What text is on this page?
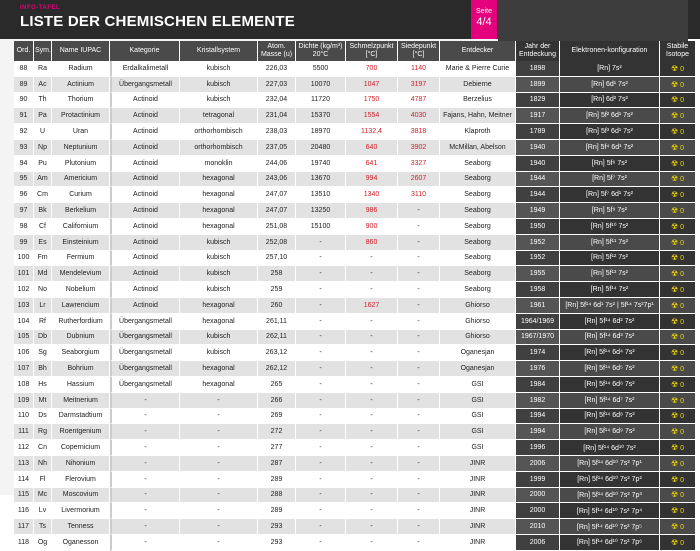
INFO-TAFEL
LISTE DER CHEMISCHEN ELEMENTE
Seite
4/4
Ord.	Sym.	Name IUPAC	Kategorie	Kristallsystem	Atom. Masse (u)	Dichte (kg/m³) 20°C	Schmelzpunkt [°C]	Siedepunkt [°C]	Entdecker	Jahr der Entdeckung	Elektronen-konfiguration	Stabile Isotope
88	Ra	Radium	Erdalkalimetall	kubisch	226,03	5500	700	1140	Marie & Pierre Curie	1898	[Rn] 7s²	☢ 0
89	Ac	Actinium	Übergangsmetall	kubisch	227,03	10070	1047	3197	Debierne	1899	[Rn] 6d¹ 7s²	☢ 0
90	Th	Thorium	Actinoid	kubisch	232,04	11720	1750	4787	Berzelius	1829	[Rn] 6d² 7s²	☢ 0
91	Pa	Protactinium	Actinoid	tetragonal	231,04	15370	1554	4030	Fajans, Hahn, Meitner	1917	[Rn] 5f² 6d¹ 7s²	☢ 0
92	U	Uran	Actinoid	orthorhombisch	238,03	18970	1132,4	3818	Klaproth	1789	[Rn] 5f³ 6d¹ 7s²	☢ 0
93	Np	Neptunium	Actinoid	orthorhombisch	237,05	20480	640	3902	McMillan, Abelson	1940	[Rn] 5f⁴ 6d¹ 7s²	☢ 0
94	Pu	Plutonium	Actinoid	monoklin	244,06	19740	641	3327	Seaborg	1940	[Rn] 5f⁶ 7s²	☢ 0
95	Am	Americium	Actinoid	hexagonal	243,06	13670	994	2607	Seaborg	1944	[Rn] 5f⁷ 7s²	☢ 0
96	Cm	Curium	Actinoid	hexagonal	247,07	13510	1340	3110	Seaborg	1944	[Rn] 5f⁷ 6d¹ 7s²	☢ 0
97	Bk	Berkelium	Actinoid	hexagonal	247,07	13250	986	-	Seaborg	1949	[Rn] 5f⁹ 7s²	☢ 0
98	Cf	Californium	Actinoid	hexagonal	251,08	15100	900	-	Seaborg	1950	[Rn] 5f¹⁰ 7s²	☢ 0
99	Es	Einsteinium	Actinoid	kubisch	252,08	-	860	-	Seaborg	1952	[Rn] 5f¹¹ 7s²	☢ 0
100	Fm	Fermium	Actinoid	kubisch	257,10	-	-	-	Seaborg	1952	[Rn] 5f¹² 7s²	☢ 0
101	Md	Mendelevium	Actinoid	kubisch	258	-	-	-	Seaborg	1955	[Rn] 5f¹³ 7s²	☢ 0
102	No	Nobelium	Actinoid	kubisch	259	-	-	-	Seaborg	1958	[Rn] 5f¹⁴ 7s²	☢ 0
103	Lr	Lawrencium	Actinoid	hexagonal	260	-	1627	-	Ghiorso	1961	[Rn] 5f¹⁴ 6d¹ 7s² | 5f¹⁴ 7s²7p¹	☢ 0
104	Rf	Rutherfordium	Übergangsmetall	hexagonal	261,11	-	-	-	Ghiorso	1964/1969	[Rn] 5f¹⁴ 6d² 7s²	☢ 0
105	Db	Dubnium	Übergangsmetall	kubisch	262,11	-	-	-	Ghiorso	1967/1970	[Rn] 5f¹⁴ 6d³ 7s²	☢ 0
106	Sg	Seaborgium	Übergangsmetall	kubisch	263,12	-	-	-	Oganesjan	1974	[Rn] 5f¹⁴ 6d⁴ 7s²	☢ 0
107	Bh	Bohrium	Übergangsmetall	hexagonal	262,12	-	-	-	Oganesjan	1976	[Rn] 5f¹⁴ 6d⁵ 7s²	☢ 0
108	Hs	Hassium	Übergangsmetall	hexagonal	265	-	-	-	GSI	1984	[Rn] 5f¹⁴ 6d⁶ 7s²	☢ 0
109	Mt	Meitnerium	-	-	266	-	-	-	GSI	1982	[Rn] 5f¹⁴ 6d⁷ 7s²	☢ 0
110	Ds	Darmstadtium	-	-	269	-	-	-	GSI	1994	[Rn] 5f¹⁴ 6d⁸ 7s²	☢ 0
111	Rg	Roentgenium	-	-	272	-	-	-	GSI	1994	[Rn] 5f¹⁴ 6d⁹ 7s²	☢ 0
112	Cn	Copernicium	-	-	277	-	-	-	GSI	1996	[Rn] 5f¹⁴ 6d¹⁰ 7s²	☢ 0
113	Nh	Nihonium	-	-	287	-	-	-	JINR	2006	[Rn] 5f¹⁴ 6d¹⁰ 7s² 7p¹	☢ 0
114	Fl	Flerovium	-	-	289	-	-	-	JINR	1999	[Rn] 5f¹⁴ 6d¹⁰ 7s² 7p²	☢ 0
115	Mc	Moscovium	-	-	288	-	-	-	JINR	2000	[Rn] 5f¹⁴ 6d¹⁰ 7s² 7p³	☢ 0
116	Lv	Livermorium	-	-	289	-	-	-	JINR	2000	[Rn] 5f¹⁴ 6d¹⁰ 7s² 7p⁴	☢ 0
117	Ts	Tenness	-	-	293	-	-	-	JINR	2010	[Rn] 5f¹⁴ 6d¹⁰ 7s² 7p⁵	☢ 0
118	Og	Oganesson	-	-	293	-	-	-	JINR	2006	[Rn] 5f¹⁴ 6d¹⁰ 7s² 7p⁶	☢ 0
